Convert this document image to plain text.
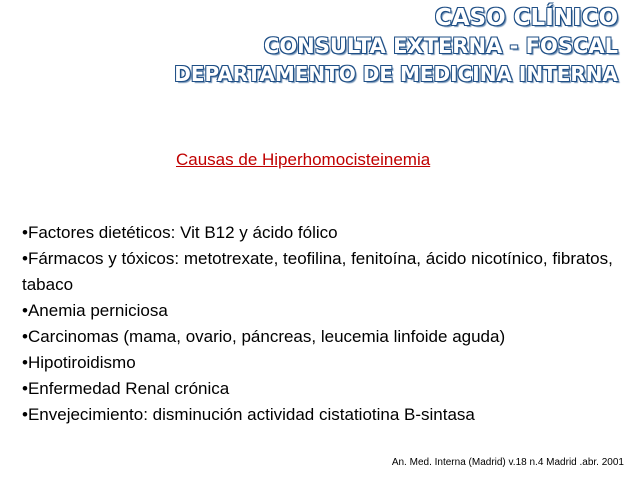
CASO CLÍNICO
CONSULTA EXTERNA - FOSCAL
DEPARTAMENTO DE MEDICINA INTERNA
Causas de Hiperhomocisteinemia
•Factores dietéticos: Vit B12 y ácido fólico
•Fármacos y tóxicos: metotrexate, teofilina, fenitoína, ácido nicotínico, fibratos, tabaco
•Anemia perniciosa
•Carcinomas (mama, ovario, páncreas, leucemia linfoide aguda)
•Hipotiroidismo
•Enfermedad Renal crónica
•Envejecimiento: disminución actividad cistatiotina B-sintasa
An. Med. Interna (Madrid) v.18 n.4 Madrid .abr. 2001
